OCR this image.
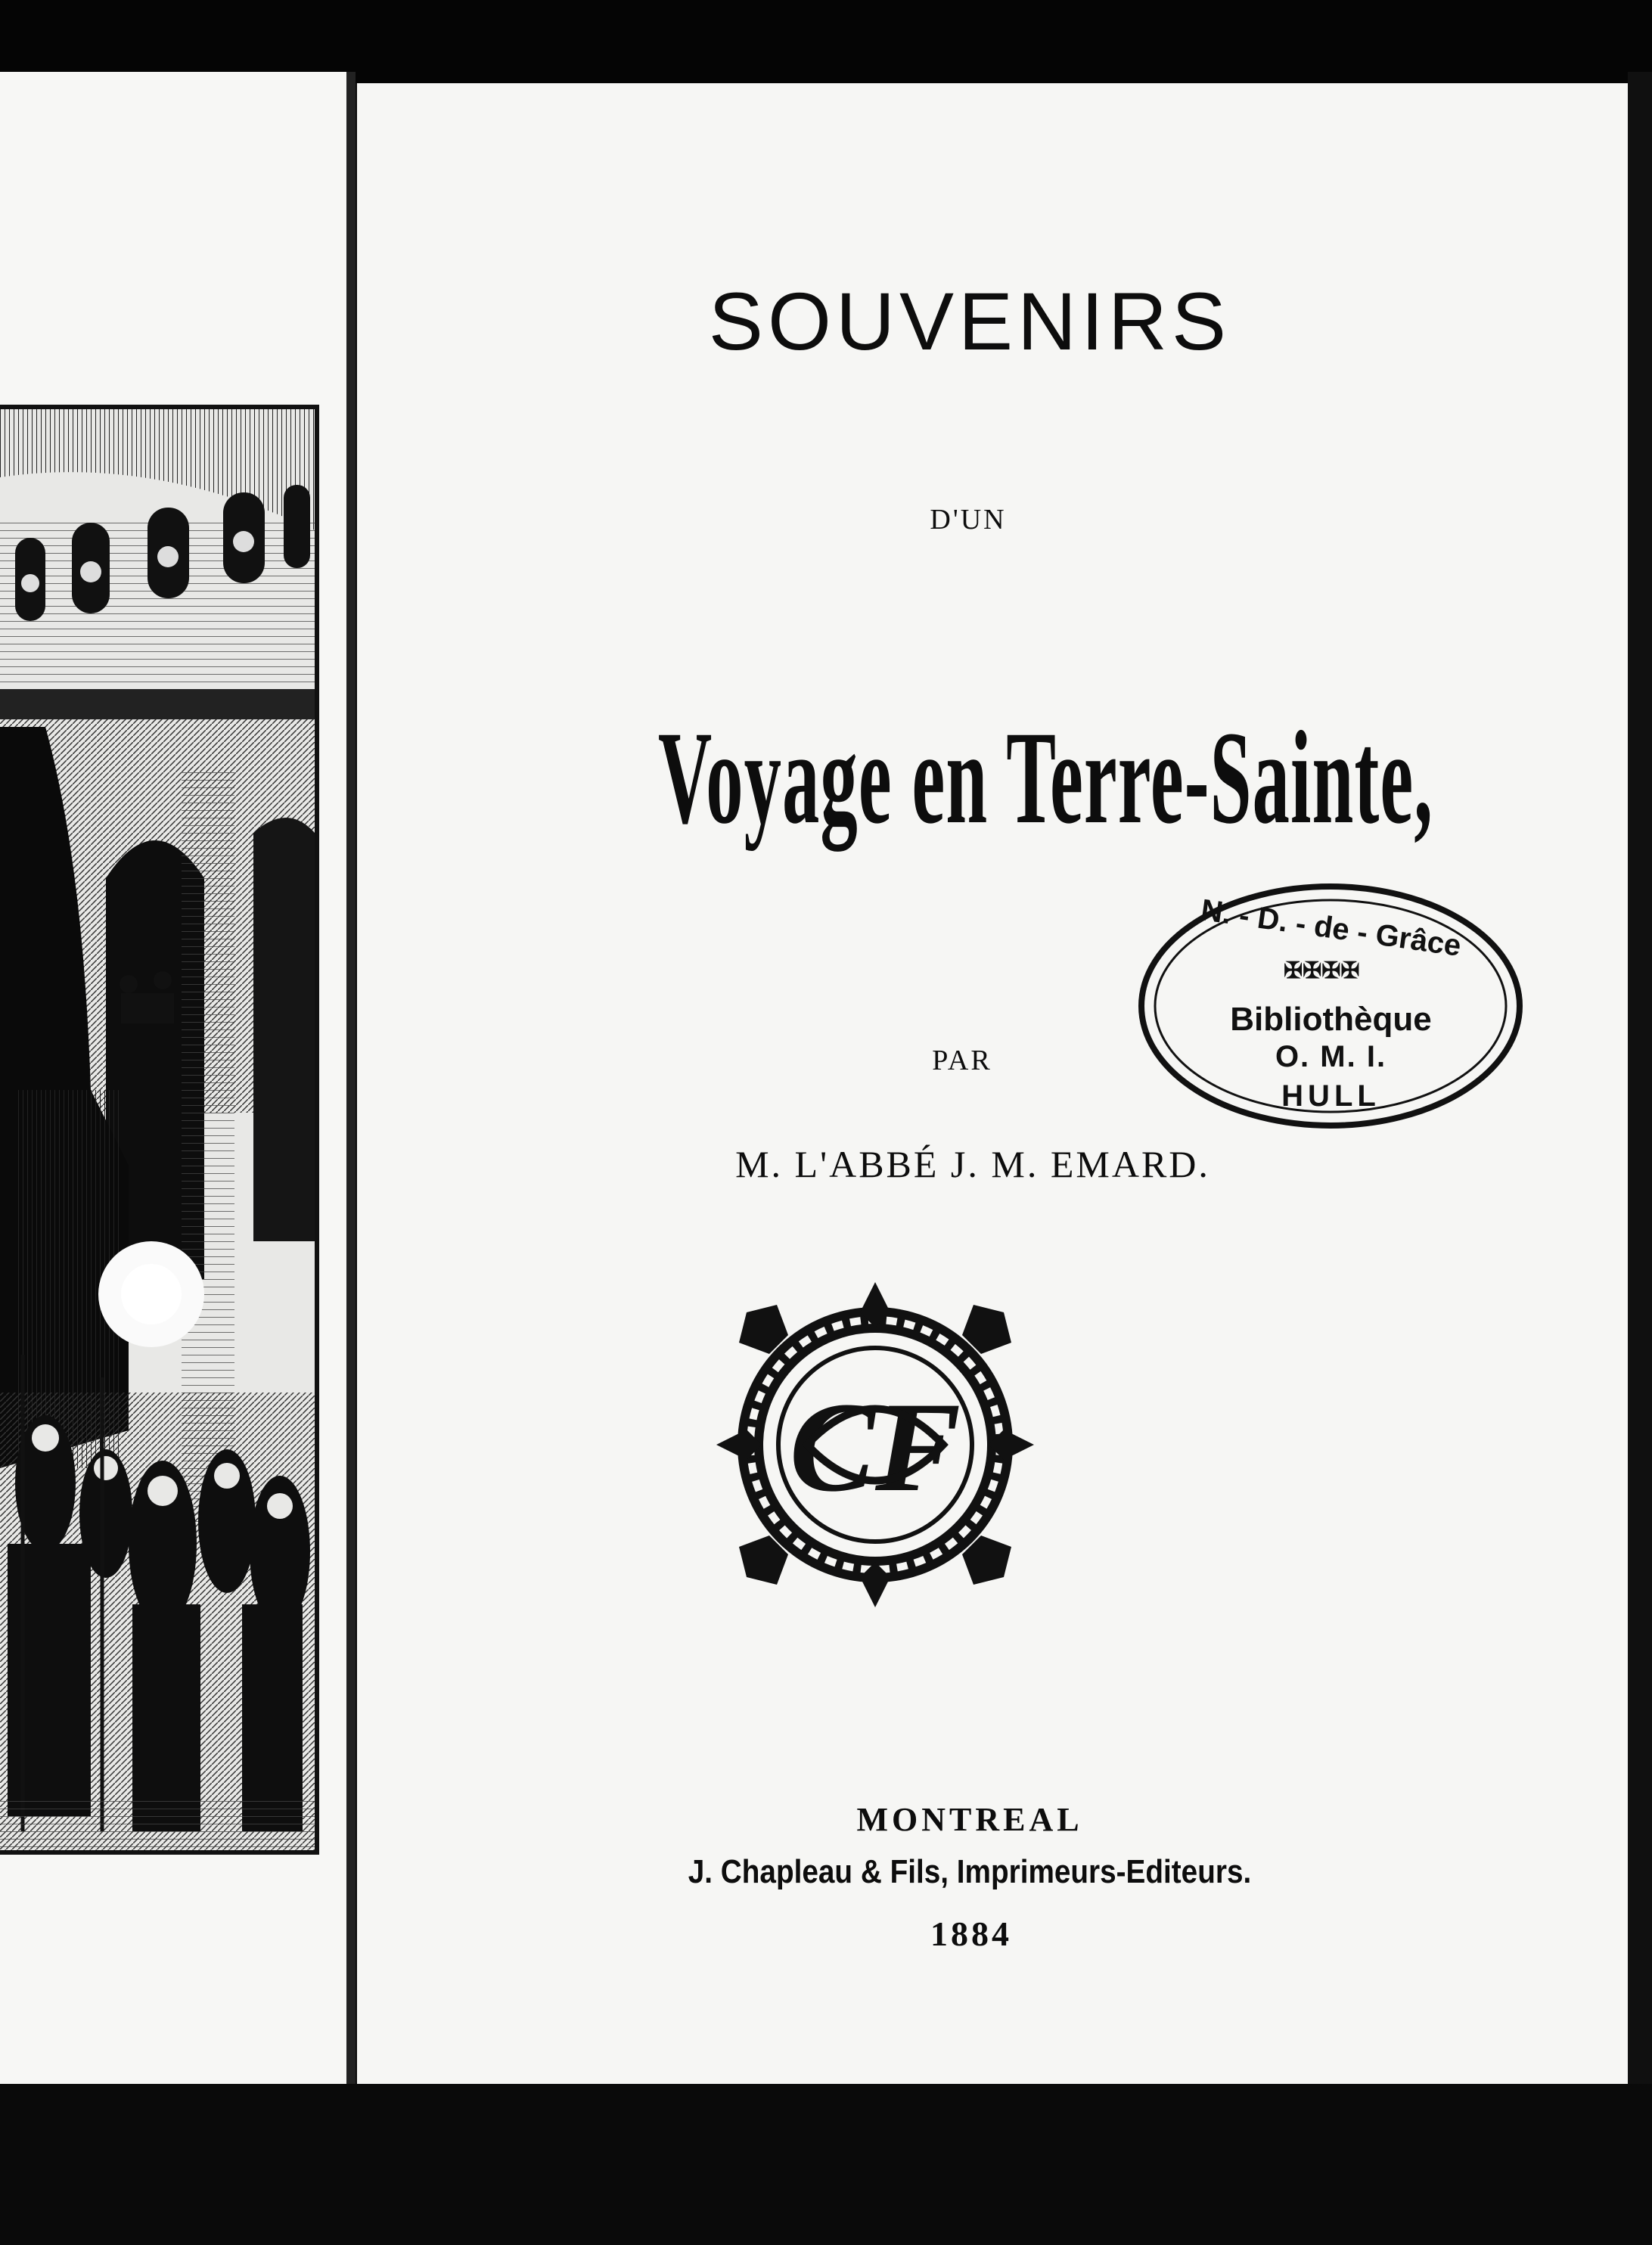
SOUVENIRS
D'UN
Voyage en Terre-Sainte,
PAR
M. L'ABBÉ J. M. EMARD.
✠✠✠✠
N. - D. - de - Grâce
Bibliothèque
O. M. I.
HULL
CF
MONTREAL
J. Chapleau & Fils, Imprimeurs-Editeurs.
1884
